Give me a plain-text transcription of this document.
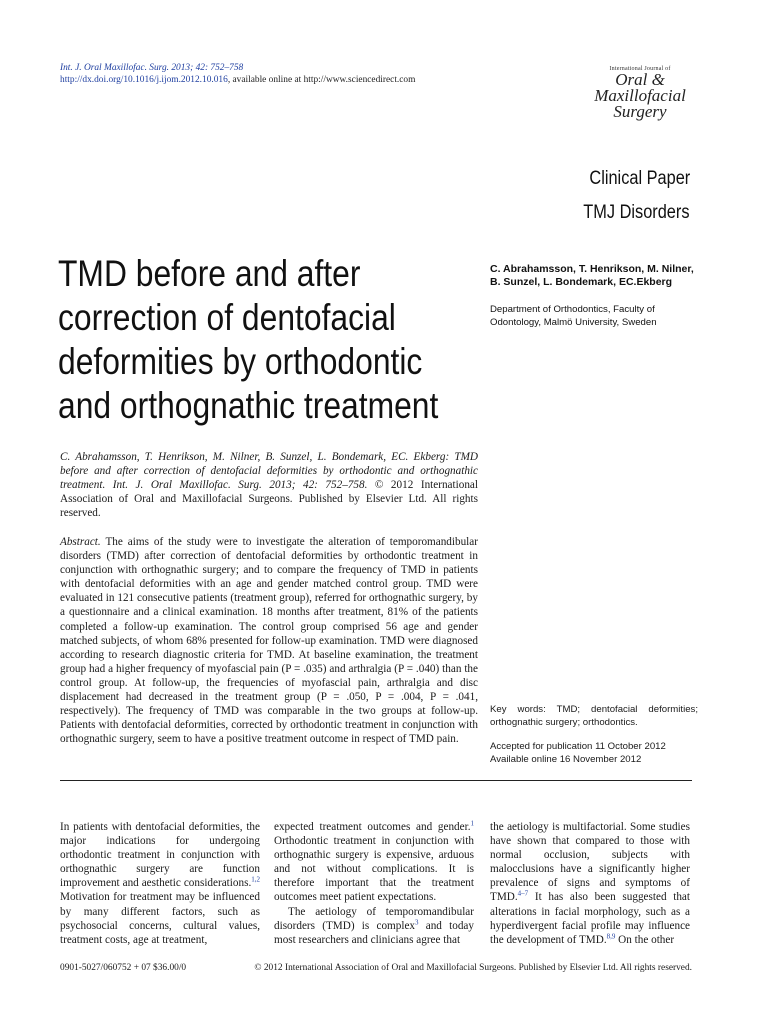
Int. J. Oral Maxillofac. Surg. 2013; 42: 752–758
http://dx.doi.org/10.1016/j.ijom.2012.10.016, available online at http://www.sciencedirect.com
International Journal of
Oral &
Maxillofacial
Surgery
Clinical Paper
TMJ Disorders
TMD before and after correction of dentofacial deformities by orthodontic and orthognathic treatment
C. Abrahamsson, T. Henrikson, M. Nilner, B. Sunzel, L. Bondemark, EC.Ekberg
Department of Orthodontics, Faculty of Odontology, Malmö University, Sweden
C. Abrahamsson, T. Henrikson, M. Nilner, B. Sunzel, L. Bondemark, EC. Ekberg: TMD before and after correction of dentofacial deformities by orthodontic and orthognathic treatment. Int. J. Oral Maxillofac. Surg. 2013; 42: 752–758. © 2012 International Association of Oral and Maxillofacial Surgeons. Published by Elsevier Ltd. All rights reserved.
Abstract. The aims of the study were to investigate the alteration of temporomandibular disorders (TMD) after correction of dentofacial deformities by orthodontic treatment in conjunction with orthognathic surgery; and to compare the frequency of TMD in patients with dentofacial deformities with an age and gender matched control group. TMD were evaluated in 121 consecutive patients (treatment group), referred for orthognathic surgery, by a questionnaire and a clinical examination. 18 months after treatment, 81% of the patients completed a follow-up examination. The control group comprised 56 age and gender matched subjects, of whom 68% presented for follow-up examination. TMD were diagnosed according to research diagnostic criteria for TMD. At baseline examination, the treatment group had a higher frequency of myofascial pain (P = .035) and arthralgia (P = .040) than the control group. At follow-up, the frequencies of myofascial pain, arthralgia and disc displacement had decreased in the treatment group (P = .050, P = .004, P = .041, respectively). The frequency of TMD was comparable in the two groups at follow-up. Patients with dentofacial deformities, corrected by orthodontic treatment in conjunction with orthognathic surgery, seem to have a positive treatment outcome in respect of TMD pain.
Key words: TMD; dentofacial deformities; orthognathic surgery; orthodontics.
Accepted for publication 11 October 2012
Available online 16 November 2012

In patients with dentofacial deformities, the major indications for undergoing orthodontic treatment in conjunction with orthognathic surgery are function improvement and aesthetic considerations.$^{1,2}$ Motivation for treatment may be influenced by many different factors, such as psychosocial concerns, cultural values, treatment costs, age at treatment,

expected treatment outcomes and gender.$^1$ Orthodontic treatment in conjunction with orthognathic surgery is expensive, arduous and not without complications. It is therefore important that the treatment outcomes meet patient expectations.

The aetiology of temporomandibular disorders (TMD) is complex$^3$ and today most researchers and clinicians agree that

the aetiology is multifactorial. Some studies have shown that compared to those with normal occlusion, subjects with malocclusions have a significantly higher prevalence of signs and symptoms of TMD.$^{4-7}$ It has also been suggested that alterations in facial morphology, such as a hyperdivergent facial profile may influence the development of TMD.$^{8,9}$ On the other

0901-5027/060752 + 07 $36.00/0	© 2012 International Association of Oral and Maxillofacial Surgeons. Published by Elsevier Ltd. All rights reserved.
